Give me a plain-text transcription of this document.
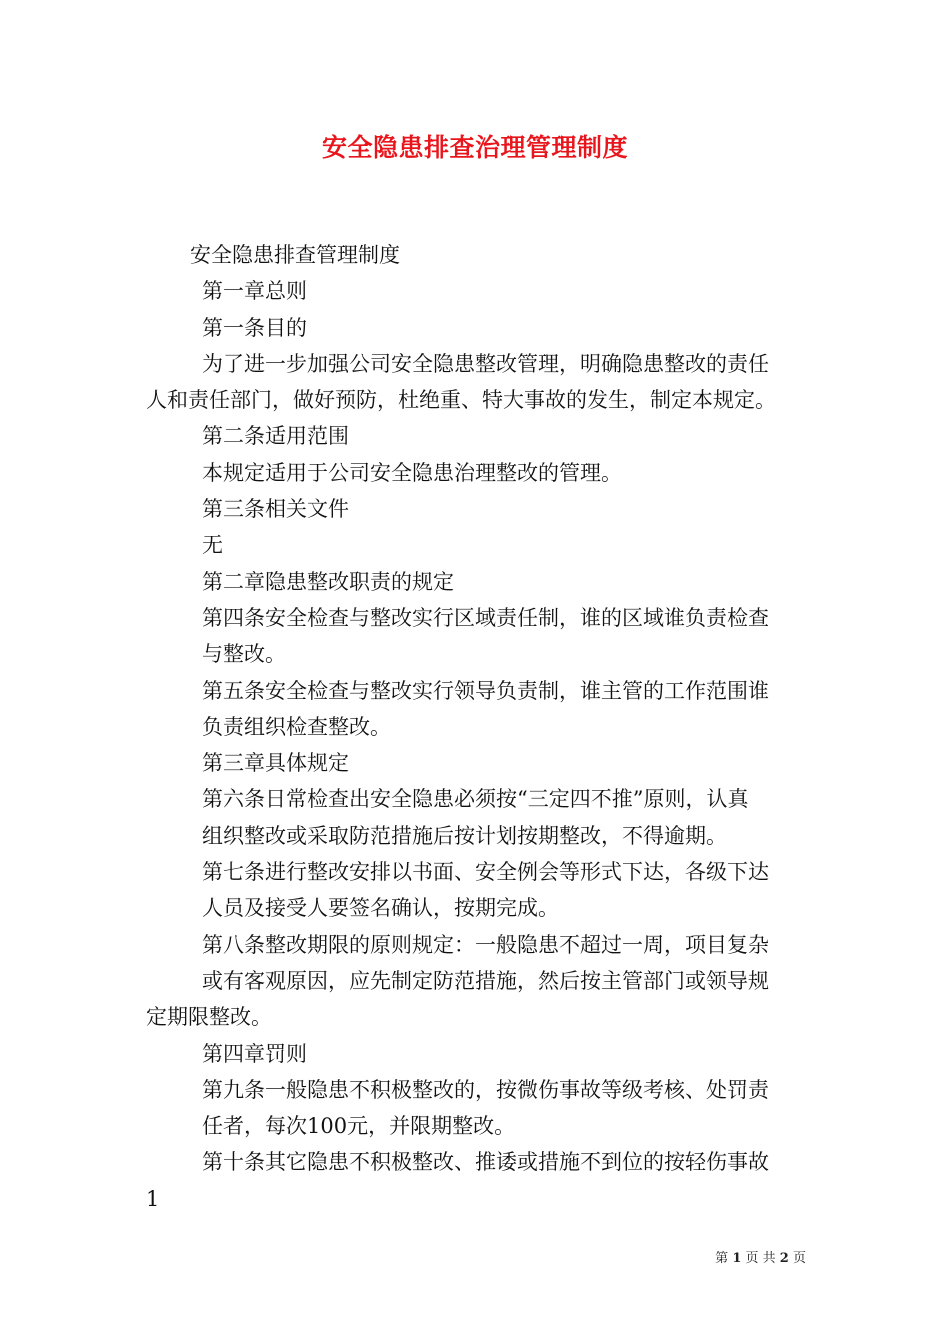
安全隐患排查治理管理制度
安全隐患排查管理制度
第一章总则
第一条目的
为了进一步加强公司安全隐患整改管理，明确隐患整改的责任
人和责任部门，做好预防，杜绝重、特大事故的发生，制定本规定。
第二条适用范围
本规定适用于公司安全隐患治理整改的管理。
第三条相关文件
无
第二章隐患整改职责的规定
第四条安全检查与整改实行区域责任制，谁的区域谁负责检查
与整改。
第五条安全检查与整改实行领导负责制，谁主管的工作范围谁
负责组织检查整改。
第三章具体规定
第六条日常检查出安全隐患必须按“三定四不推”原则，认真
组织整改或采取防范措施后按计划按期整改，不得逾期。
第七条进行整改安排以书面、安全例会等形式下达，各级下达
人员及接受人要签名确认，按期完成。
第八条整改期限的原则规定：一般隐患不超过一周，项目复杂
或有客观原因，应先制定防范措施，然后按主管部门或领导规
定期限整改。
第四章罚则
第九条一般隐患不积极整改的，按微伤事故等级考核、处罚责
任者，每次100元，并限期整改。
第十条其它隐患不积极整改、推诿或措施不到位的按轻伤事故
1
第 1 页 共 2 页
